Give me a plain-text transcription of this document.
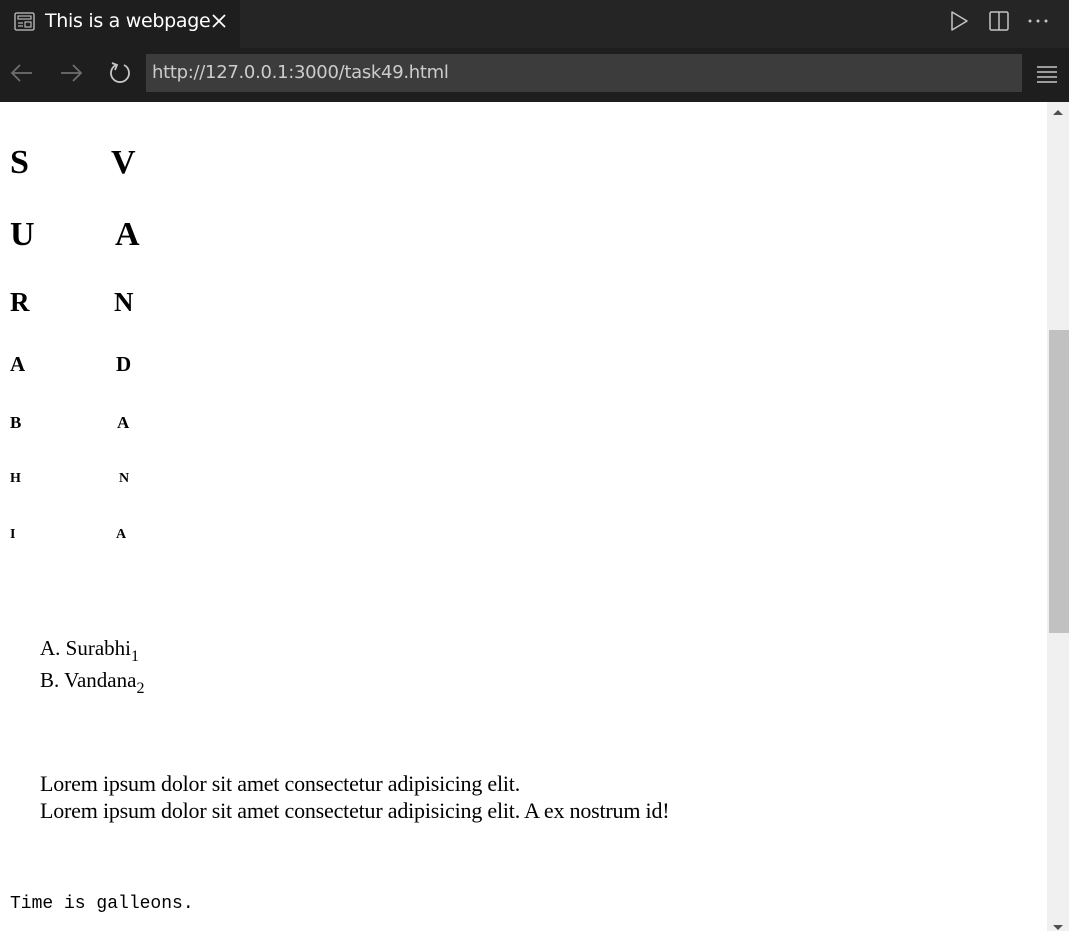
This is a webpage
http://127.0.0.1:3000/task49.html
S V
U A
R	N
A	D
B	A
H	N
I	A
A. Surabhi$_1$
B. Vandana$_2$
Lorem ipsum dolor sit amet consectetur adipisicing elit.
Lorem ipsum dolor sit amet consectetur adipisicing elit. A ex nostrum id!
Time is galleons.
